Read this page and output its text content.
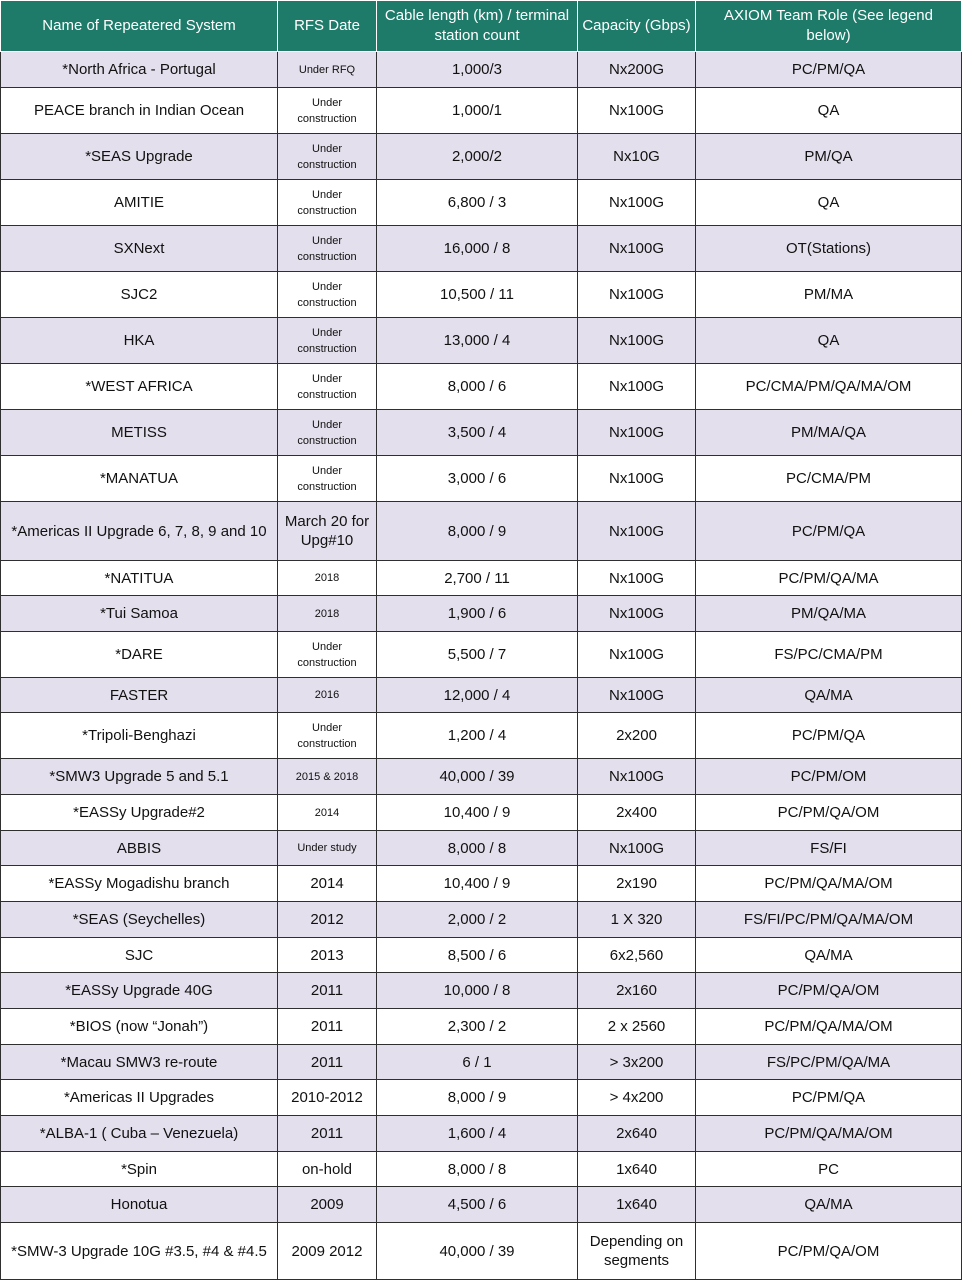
Name of Repeatered System	RFS Date	Cable length (km) / terminal station count	Capacity (Gbps)	AXIOM Team Role (See legend below)
*North Africa - Portugal	Under RFQ	1,000/3	Nx200G	PC/PM/QA
PEACE branch in Indian Ocean	Under construction	1,000/1	Nx100G	QA
*SEAS Upgrade	Under construction	2,000/2	Nx10G	PM/QA
AMITIE	Under construction	6,800 / 3	Nx100G	QA
SXNext	Under construction	16,000 / 8	Nx100G	OT(Stations)
SJC2	Under construction	10,500 / 11	Nx100G	PM/MA
HKA	Under construction	13,000 / 4	Nx100G	QA
*WEST AFRICA	Under construction	8,000 / 6	Nx100G	PC/CMA/PM/QA/MA/OM
METISS	Under construction	3,500 / 4	Nx100G	PM/MA/QA
*MANATUA	Under construction	3,000 / 6	Nx100G	PC/CMA/PM
*Americas II Upgrade 6, 7, 8, 9 and 10	March 20 for Upg#10	8,000 / 9	Nx100G	PC/PM/QA
*NATITUA	2018	2,700 / 11	Nx100G	PC/PM/QA/MA
*Tui Samoa	2018	1,900 / 6	Nx100G	PM/QA/MA
*DARE	Under construction	5,500 / 7	Nx100G	FS/PC/CMA/PM
FASTER	2016	12,000 / 4	Nx100G	QA/MA
*Tripoli-Benghazi	Under construction	1,200 / 4	2x200	PC/PM/QA
*SMW3 Upgrade 5 and 5.1	2015 & 2018	40,000 / 39	Nx100G	PC/PM/OM
*EASSy Upgrade#2	2014	10,400 / 9	2x400	PC/PM/QA/OM
ABBIS	Under study	8,000 / 8	Nx100G	FS/FI
*EASSy Mogadishu branch	2014	10,400 / 9	2x190	PC/PM/QA/MA/OM
*SEAS (Seychelles)	2012	2,000 / 2	1 X 320	FS/FI/PC/PM/QA/MA/OM
SJC	2013	8,500 / 6	6x2,560	QA/MA
*EASSy Upgrade 40G	2011	10,000 / 8	2x160	PC/PM/QA/OM
*BIOS (now “Jonah”)	2011	2,300 / 2	2 x 2560	PC/PM/QA/MA/OM
*Macau SMW3 re-route	2011	6 / 1	> 3x200	FS/PC/PM/QA/MA
*Americas II Upgrades	2010-2012	8,000 / 9	> 4x200	PC/PM/QA
*ALBA-1 ( Cuba – Venezuela)	2011	1,600 / 4	2x640	PC/PM/QA/MA/OM
*Spin	on-hold	8,000 / 8	1x640	PC
Honotua	2009	4,500 / 6	1x640	QA/MA
*SMW-3 Upgrade 10G #3.5, #4 & #4.5	2009 2012	40,000 / 39	Depending on segments	PC/PM/QA/OM
